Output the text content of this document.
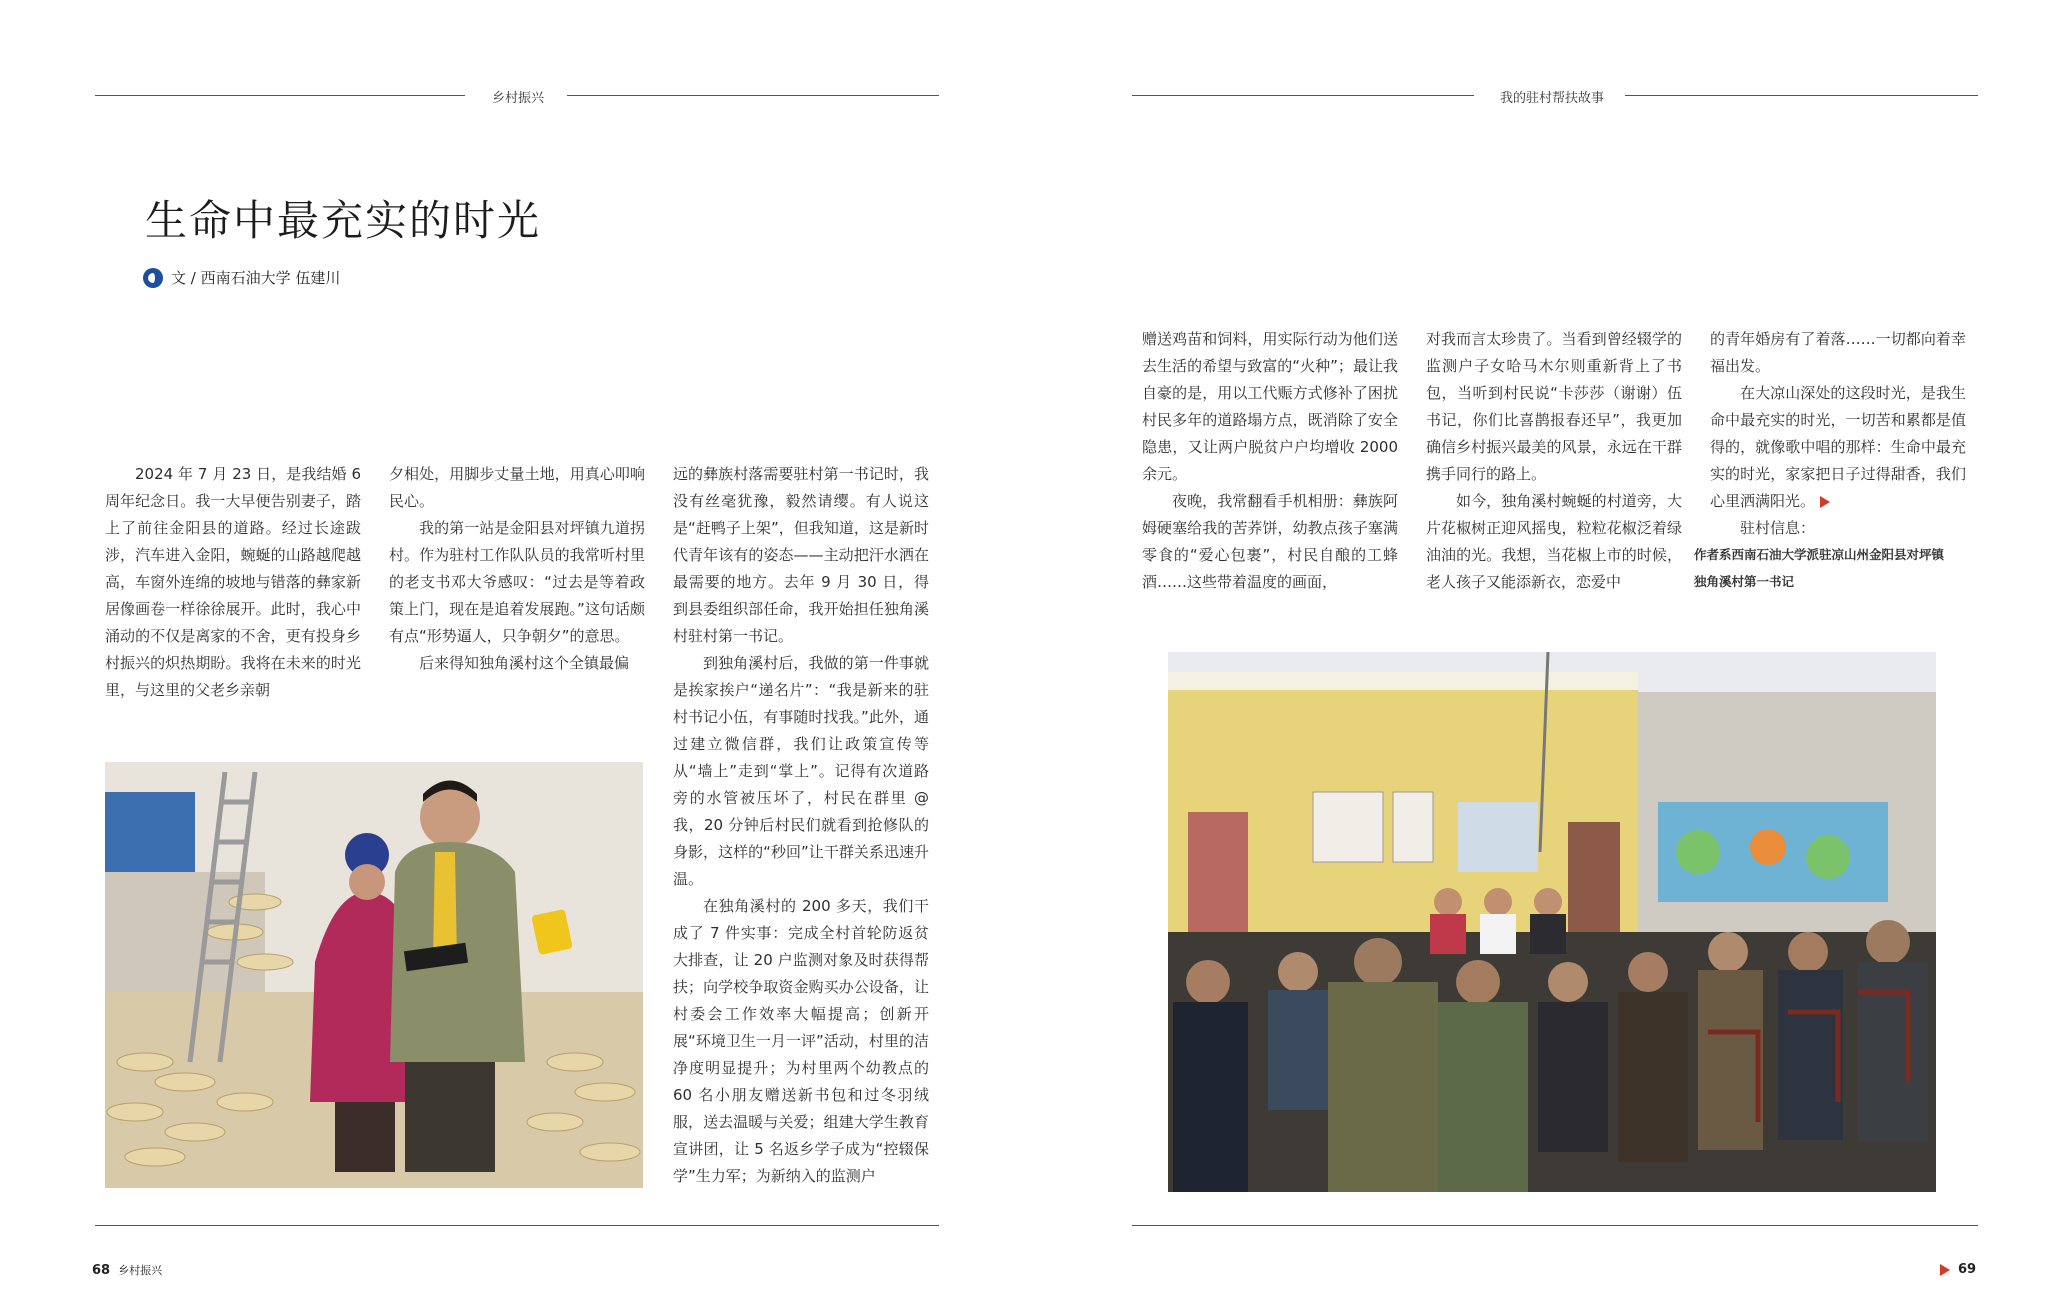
乡村振兴
生命中最充实的时光
文 / 西南石油大学 伍建川

2024 年 7 月 23 日，是我结婚 6 周年纪念日。我一大早便告别妻子，踏上了前往金阳县的道路。经过长途跋涉，汽车进入金阳，蜿蜒的山路越爬越高，车窗外连绵的坡地与错落的彝家新居像画卷一样徐徐展开。此时，我心中涌动的不仅是离家的不舍，更有投身乡村振兴的炽热期盼。我将在未来的时光里，与这里的父老乡亲朝

夕相处，用脚步丈量土地，用真心叩响民心。

我的第一站是金阳县对坪镇九道拐村。作为驻村工作队队员的我常听村里的老支书邓大爷感叹：“过去是等着政策上门，现在是追着发展跑。”这句话颇有点“形势逼人，只争朝夕”的意思。

后来得知独角溪村这个全镇最偏

远的彝族村落需要驻村第一书记时，我没有丝毫犹豫，毅然请缨。有人说这是“赶鸭子上架”，但我知道，这是新时代青年该有的姿态——主动把汗水洒在最需要的地方。去年 9 月 30 日，得到县委组织部任命，我开始担任独角溪村驻村第一书记。

到独角溪村后，我做的第一件事就是挨家挨户“递名片”：“我是新来的驻村书记小伍，有事随时找我。”此外，通过建立微信群，我们让政策宣传等从“墙上”走到“掌上”。记得有次道路旁的水管被压坏了，村民在群里 @ 我，20 分钟后村民们就看到抢修队的身影，这样的“秒回”让干群关系迅速升温。

在独角溪村的 200 多天，我们干成了 7 件实事：完成全村首轮防返贫大排查，让 20 户监测对象及时获得帮扶；向学校争取资金购买办公设备，让村委会工作效率大幅提高；创新开展“环境卫生一月一评”活动，村里的洁净度明显提升；为村里两个幼教点的 60 名小朋友赠送新书包和过冬羽绒服，送去温暖与关爱；组建大学生教育宣讲团，让 5 名返乡学子成为“控辍保学”生力军；为新纳入的监测户

68 乡村振兴
我的驻村帮扶故事

赠送鸡苗和饲料，用实际行动为他们送去生活的希望与致富的“火种”；最让我自豪的是，用以工代赈方式修补了困扰村民多年的道路塌方点，既消除了安全隐患，又让两户脱贫户户均增收 2000 余元。

夜晚，我常翻看手机相册：彝族阿姆硬塞给我的苦荞饼，幼教点孩子塞满零食的“爱心包裹”，村民自酿的工蜂酒……这些带着温度的画面，

对我而言太珍贵了。当看到曾经辍学的监测户子女哈马木尔则重新背上了书包，当听到村民说“卡莎莎（谢谢）伍书记，你们比喜鹊报春还早”，我更加确信乡村振兴最美的风景，永远在干群携手同行的路上。

如今，独角溪村蜿蜒的村道旁，大片花椒树正迎风摇曳，粒粒花椒泛着绿油油的光。我想，当花椒上市的时候，老人孩子又能添新衣，恋爱中

的青年婚房有了着落……一切都向着幸福出发。

在大凉山深处的这段时光，是我生命中最充实的时光，一切苦和累都是值得的，就像歌中唱的那样：生命中最充实的时光，家家把日子过得甜香，我们心里洒满阳光。

驻村信息：

作者系西南石油大学派驻凉山州金阳县对坪镇独角溪村第一书记
69
